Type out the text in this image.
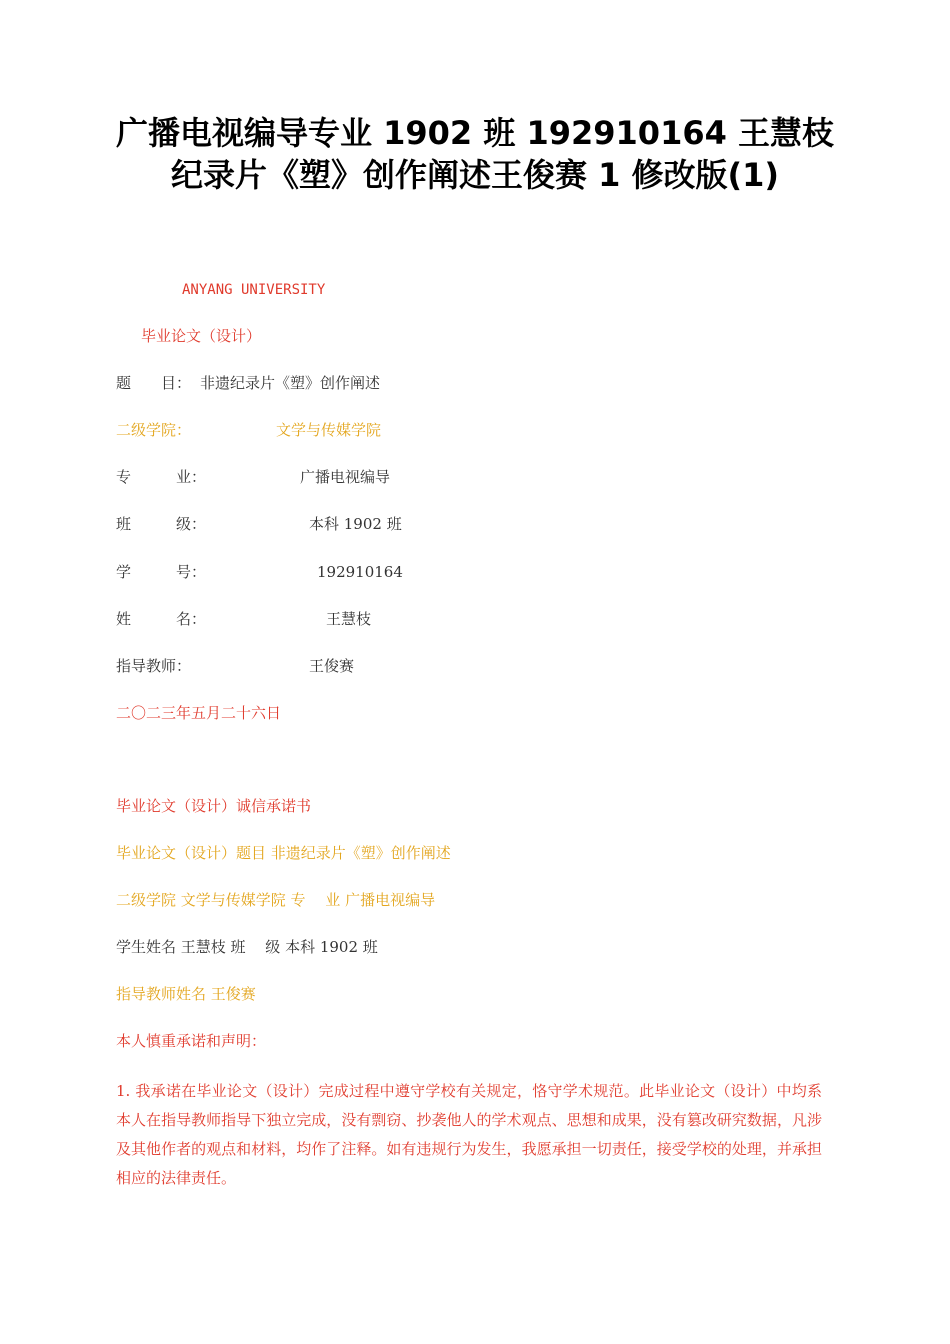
广播电视编导专业 1902 班 192910164 王慧枝
纪录片《塑》创作阐述王俊赛 1 修改版(1)
ANYANG UNIVERSITY
毕业论文（设计）
题　　目： 非遗纪录片《塑》创作阐述
二级学院：	文学与传媒学院
专　　　业：	广播电视编导
班　　　级：	本科 1902 班
学　　　号：	192910164
姓　　　名：	王慧枝
指导教师：	王俊赛
二〇二三年五月二十六日
毕业论文（设计）诚信承诺书
毕业论文（设计）题目 非遗纪录片《塑》创作阐述
二级学院 文学与传媒学院 专　 业 广播电视编导
学生姓名 王慧枝 班　 级 本科 1902 班
指导教师姓名 王俊赛
本人慎重承诺和声明：
1. 我承诺在毕业论文（设计）完成过程中遵守学校有关规定，恪守学术规范。此毕业论文（设计）中均系本人在指导教师指导下独立完成，没有剽窃、抄袭他人的学术观点、思想和成果，没有篡改研究数据，凡涉及其他作者的观点和材料，均作了注释。如有违规行为发生，我愿承担一切责任，接受学校的处理，并承担相应的法律责任。
